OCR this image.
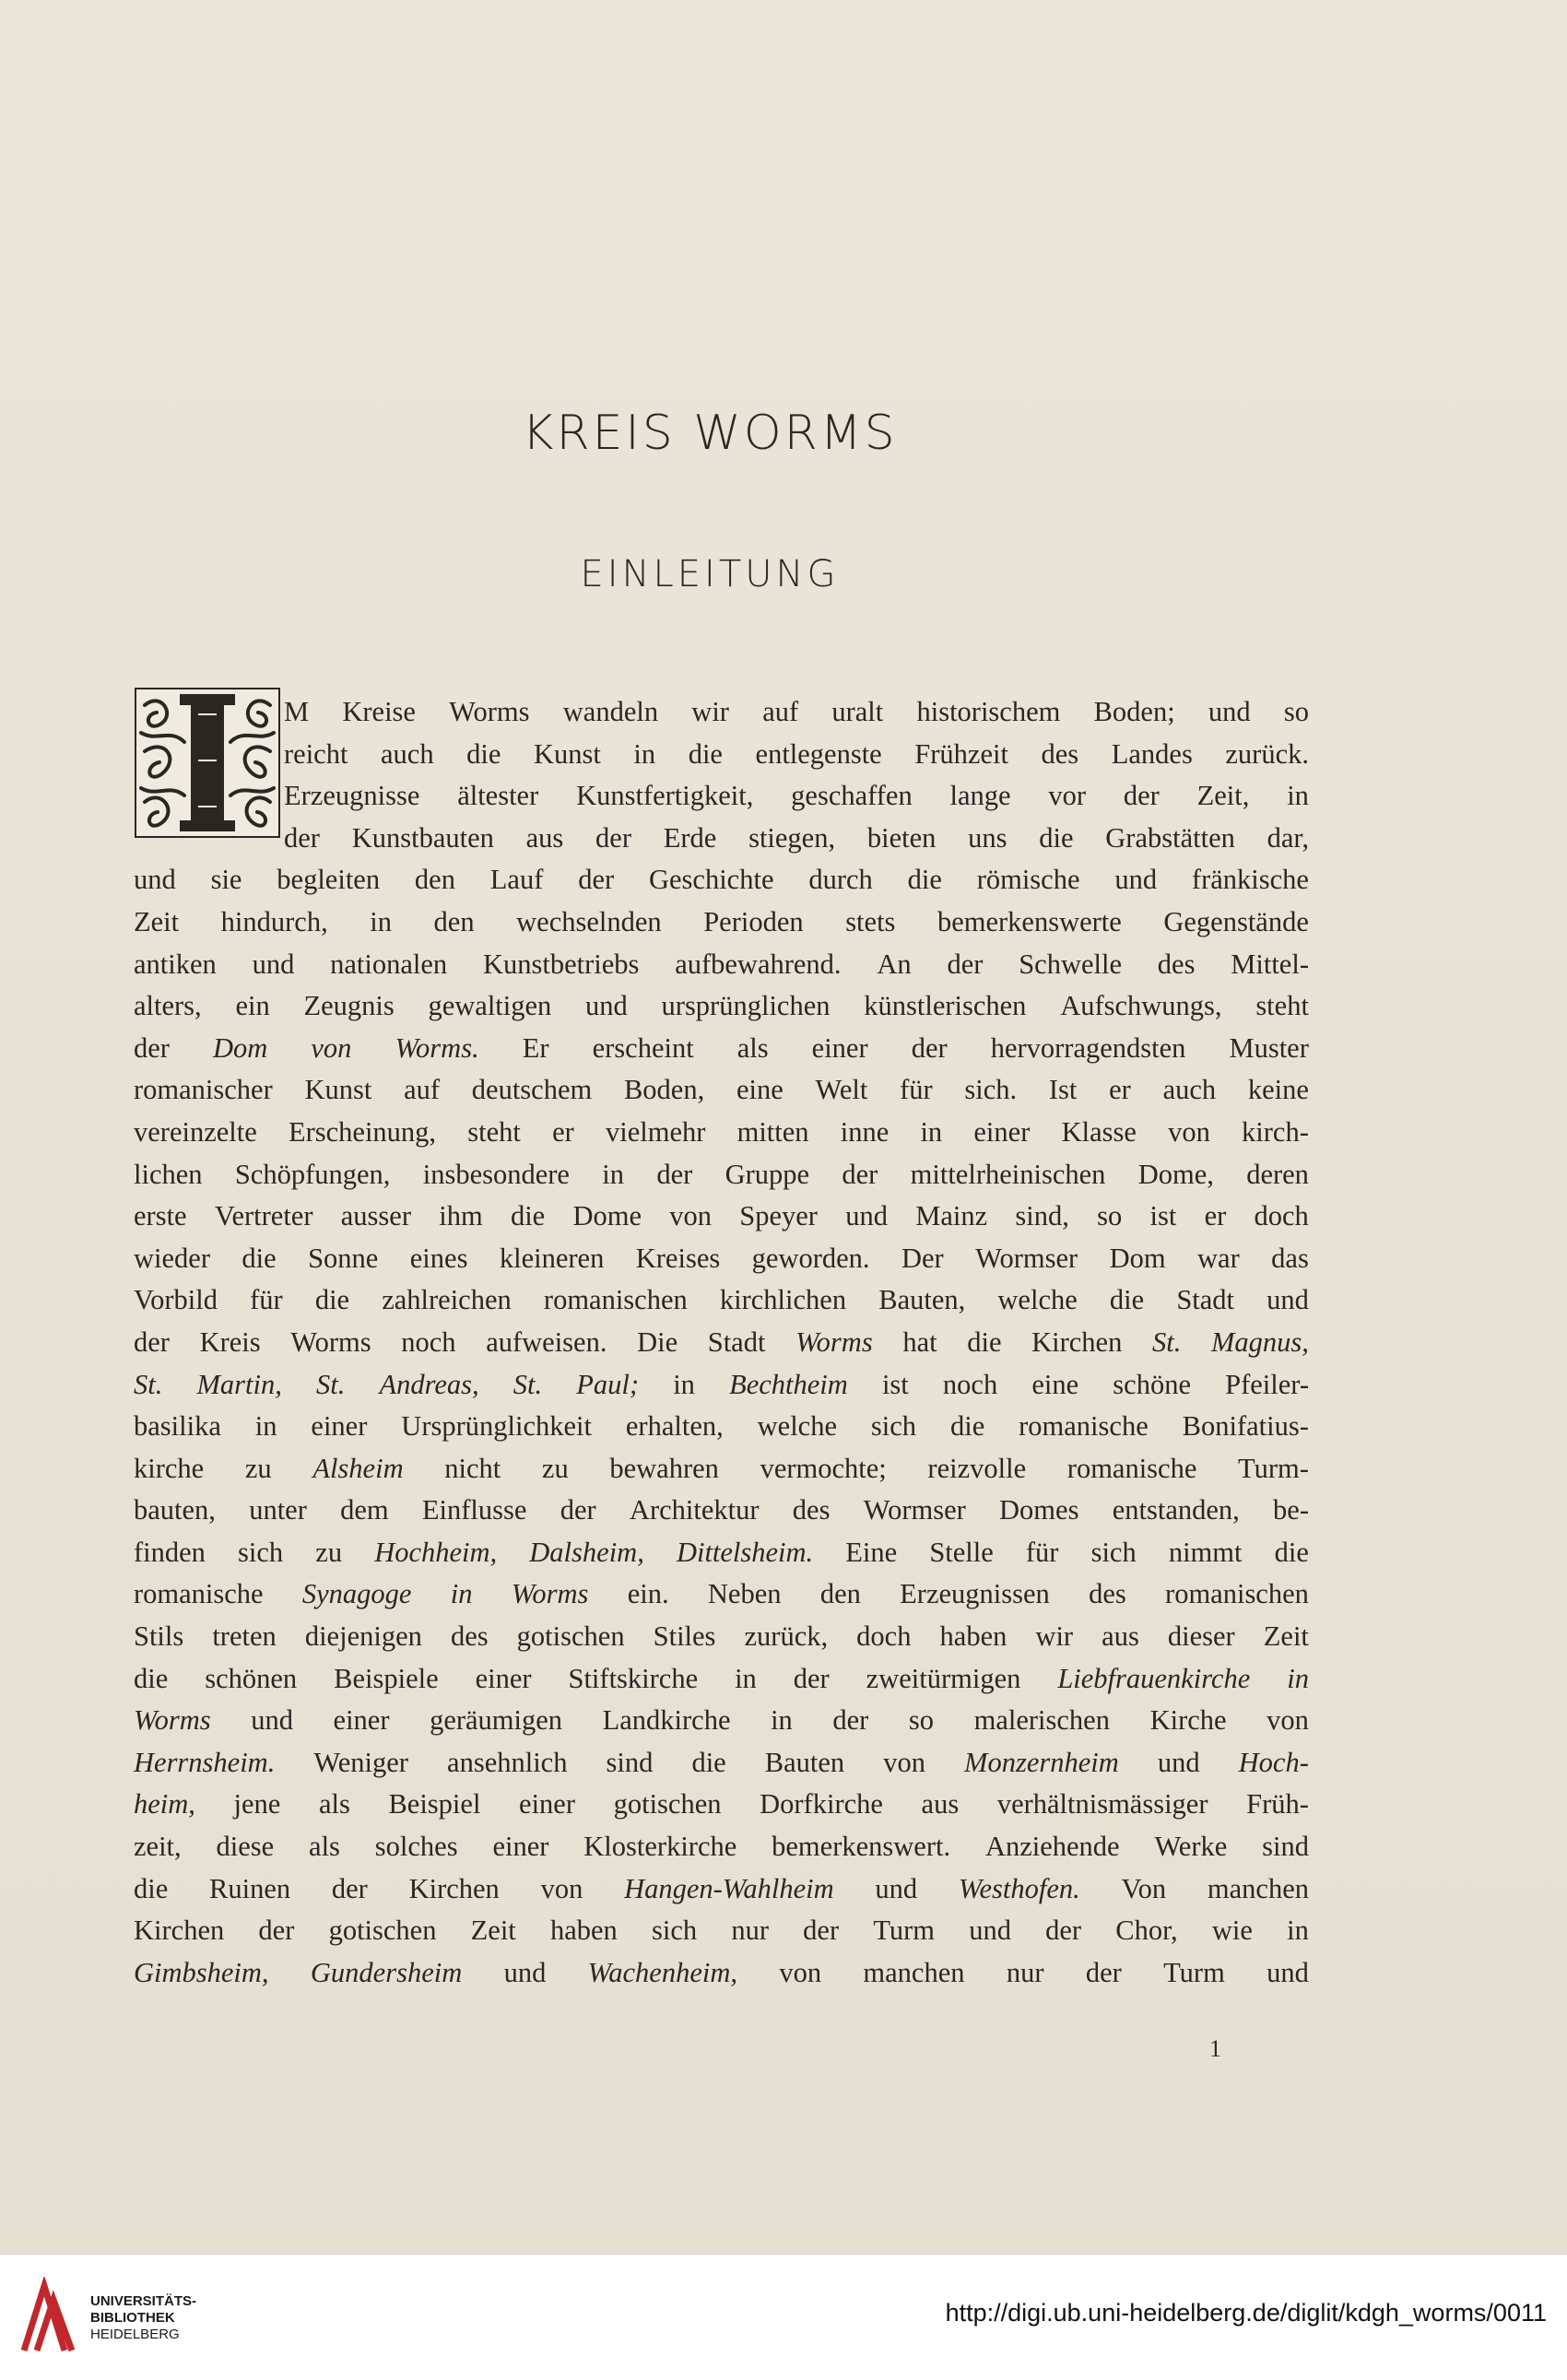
KREIS WORMS
EINLEITUNG
M Kreise Worms wandeln wir auf uralt historischem Boden; und so
reicht auch die Kunst in die entlegenste Frühzeit des Landes zurück.
Erzeugnisse ältester Kunstfertigkeit, geschaffen lange vor der Zeit, in
der Kunstbauten aus der Erde stiegen, bieten uns die Grabstätten dar,
und sie begleiten den Lauf der Geschichte durch die römische und fränkische
Zeit hindurch, in den wechselnden Perioden stets bemerkenswerte Gegenstände
antiken und nationalen Kunstbetriebs aufbewahrend. An der Schwelle des Mittel-
alters, ein Zeugnis gewaltigen und ursprünglichen künstlerischen Aufschwungs, steht
der Dom von Worms. Er erscheint als einer der hervorragendsten Muster
romanischer Kunst auf deutschem Boden, eine Welt für sich. Ist er auch keine
vereinzelte Erscheinung, steht er vielmehr mitten inne in einer Klasse von kirch-
lichen Schöpfungen, insbesondere in der Gruppe der mittelrheinischen Dome, deren
erste Vertreter ausser ihm die Dome von Speyer und Mainz sind, so ist er doch
wieder die Sonne eines kleineren Kreises geworden. Der Wormser Dom war das
Vorbild für die zahlreichen romanischen kirchlichen Bauten, welche die Stadt und
der Kreis Worms noch aufweisen. Die Stadt Worms hat die Kirchen St. Magnus,
St. Martin, St. Andreas, St. Paul; in Bechtheim ist noch eine schöne Pfeiler-
basilika in einer Ursprünglichkeit erhalten, welche sich die romanische Bonifatius-
kirche zu Alsheim nicht zu bewahren vermochte; reizvolle romanische Turm-
bauten, unter dem Einflusse der Architektur des Wormser Domes entstanden, be-
finden sich zu Hochheim, Dalsheim, Dittelsheim. Eine Stelle für sich nimmt die
romanische Synagoge in Worms ein. Neben den Erzeugnissen des romanischen
Stils treten diejenigen des gotischen Stiles zurück, doch haben wir aus dieser Zeit
die schönen Beispiele einer Stiftskirche in der zweitürmigen Liebfrauenkirche in
Worms und einer geräumigen Landkirche in der so malerischen Kirche von
Herrnsheim. Weniger ansehnlich sind die Bauten von Monzernheim und Hoch-
heim, jene als Beispiel einer gotischen Dorfkirche aus verhältnismässiger Früh-
zeit, diese als solches einer Klosterkirche bemerkenswert. Anziehende Werke sind
die Ruinen der Kirchen von Hangen-Wahlheim und Westhofen. Von manchen
Kirchen der gotischen Zeit haben sich nur der Turm und der Chor, wie in
Gimbsheim, Gundersheim und Wachenheim, von manchen nur der Turm und
1
UNIVERSITÄTS-
BIBLIOTHEK
HEIDELBERG
http://digi.ub.uni-heidelberg.de/diglit/kdgh_worms/0011
